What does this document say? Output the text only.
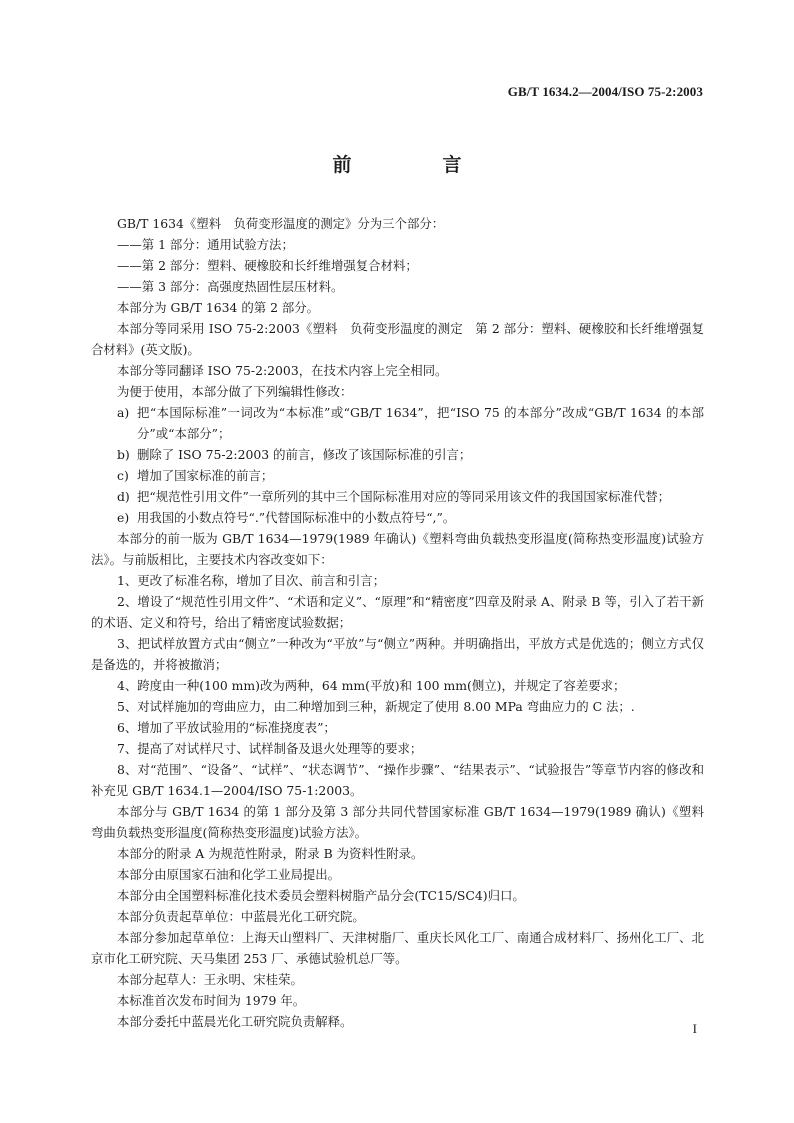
GB/T 1634.2—2004/ISO 75-2:2003
前　言
GB/T 1634《塑料　负荷变形温度的测定》分为三个部分：
——第 1 部分：通用试验方法；
——第 2 部分：塑料、硬橡胶和长纤维增强复合材料；
——第 3 部分：高强度热固性层压材料。
本部分为 GB/T 1634 的第 2 部分。
本部分等同采用 ISO 75-2:2003《塑料　负荷变形温度的测定　第 2 部分：塑料、硬橡胶和长纤维增强复合材料》(英文版)。
本部分等同翻译 ISO 75-2:2003，在技术内容上完全相同。
为便于使用，本部分做了下列编辑性修改：
a) 把“本国际标准”一词改为“本标准”或“GB/T 1634”，把“ISO 75 的本部分”改成“GB/T 1634 的本部分”或“本部分”；
b) 删除了 ISO 75-2:2003 的前言，修改了该国际标准的引言；
c) 增加了国家标准的前言；
d) 把“规范性引用文件”一章所列的其中三个国际标准用对应的等同采用该文件的我国国家标准代替；
e) 用我国的小数点符号“.”代替国际标准中的小数点符号“,”。
本部分的前一版为 GB/T 1634—1979(1989 年确认)《塑料弯曲负载热变形温度(简称热变形温度)试验方法》。与前版相比，主要技术内容改变如下：
1、更改了标准名称，增加了目次、前言和引言；
2、增设了“规范性引用文件”、“术语和定义”、“原理”和“精密度”四章及附录 A、附录 B 等，引入了若干新的术语、定义和符号，给出了精密度试验数据；
3、把试样放置方式由“侧立”一种改为“平放”与“侧立”两种。并明确指出，平放方式是优选的；侧立方式仅是备选的，并将被撤消；
4、跨度由一种(100 mm)改为两种，64 mm(平放)和 100 mm(侧立)，并规定了容差要求；
5、对试样施加的弯曲应力，由二种增加到三种，新规定了使用 8.00 MPa 弯曲应力的 C 法；.
6、增加了平放试验用的“标准挠度表”；
7、提高了对试样尺寸、试样制备及退火处理等的要求；
8、对“范围”、“设备”、“试样”、“状态调节”、“操作步骤”、“结果表示”、“试验报告”等章节内容的修改和补充见 GB/T 1634.1—2004/ISO 75-1:2003。
本部分与 GB/T 1634 的第 1 部分及第 3 部分共同代替国家标准 GB/T 1634—1979(1989 确认)《塑料弯曲负载热变形温度(简称热变形温度)试验方法》。
本部分的附录 A 为规范性附录，附录 B 为资料性附录。
本部分由原国家石油和化学工业局提出。
本部分由全国塑料标准化技术委员会塑料树脂产品分会(TC15/SC4)归口。
本部分负责起草单位：中蓝晨光化工研究院。
本部分参加起草单位：上海天山塑料厂、天津树脂厂、重庆长风化工厂、南通合成材料厂、扬州化工厂、北京市化工研究院、天马集团 253 厂、承德试验机总厂等。
本部分起草人：王永明、宋桂荣。
本标准首次发布时间为 1979 年。
本部分委托中蓝晨光化工研究院负责解释。	I
